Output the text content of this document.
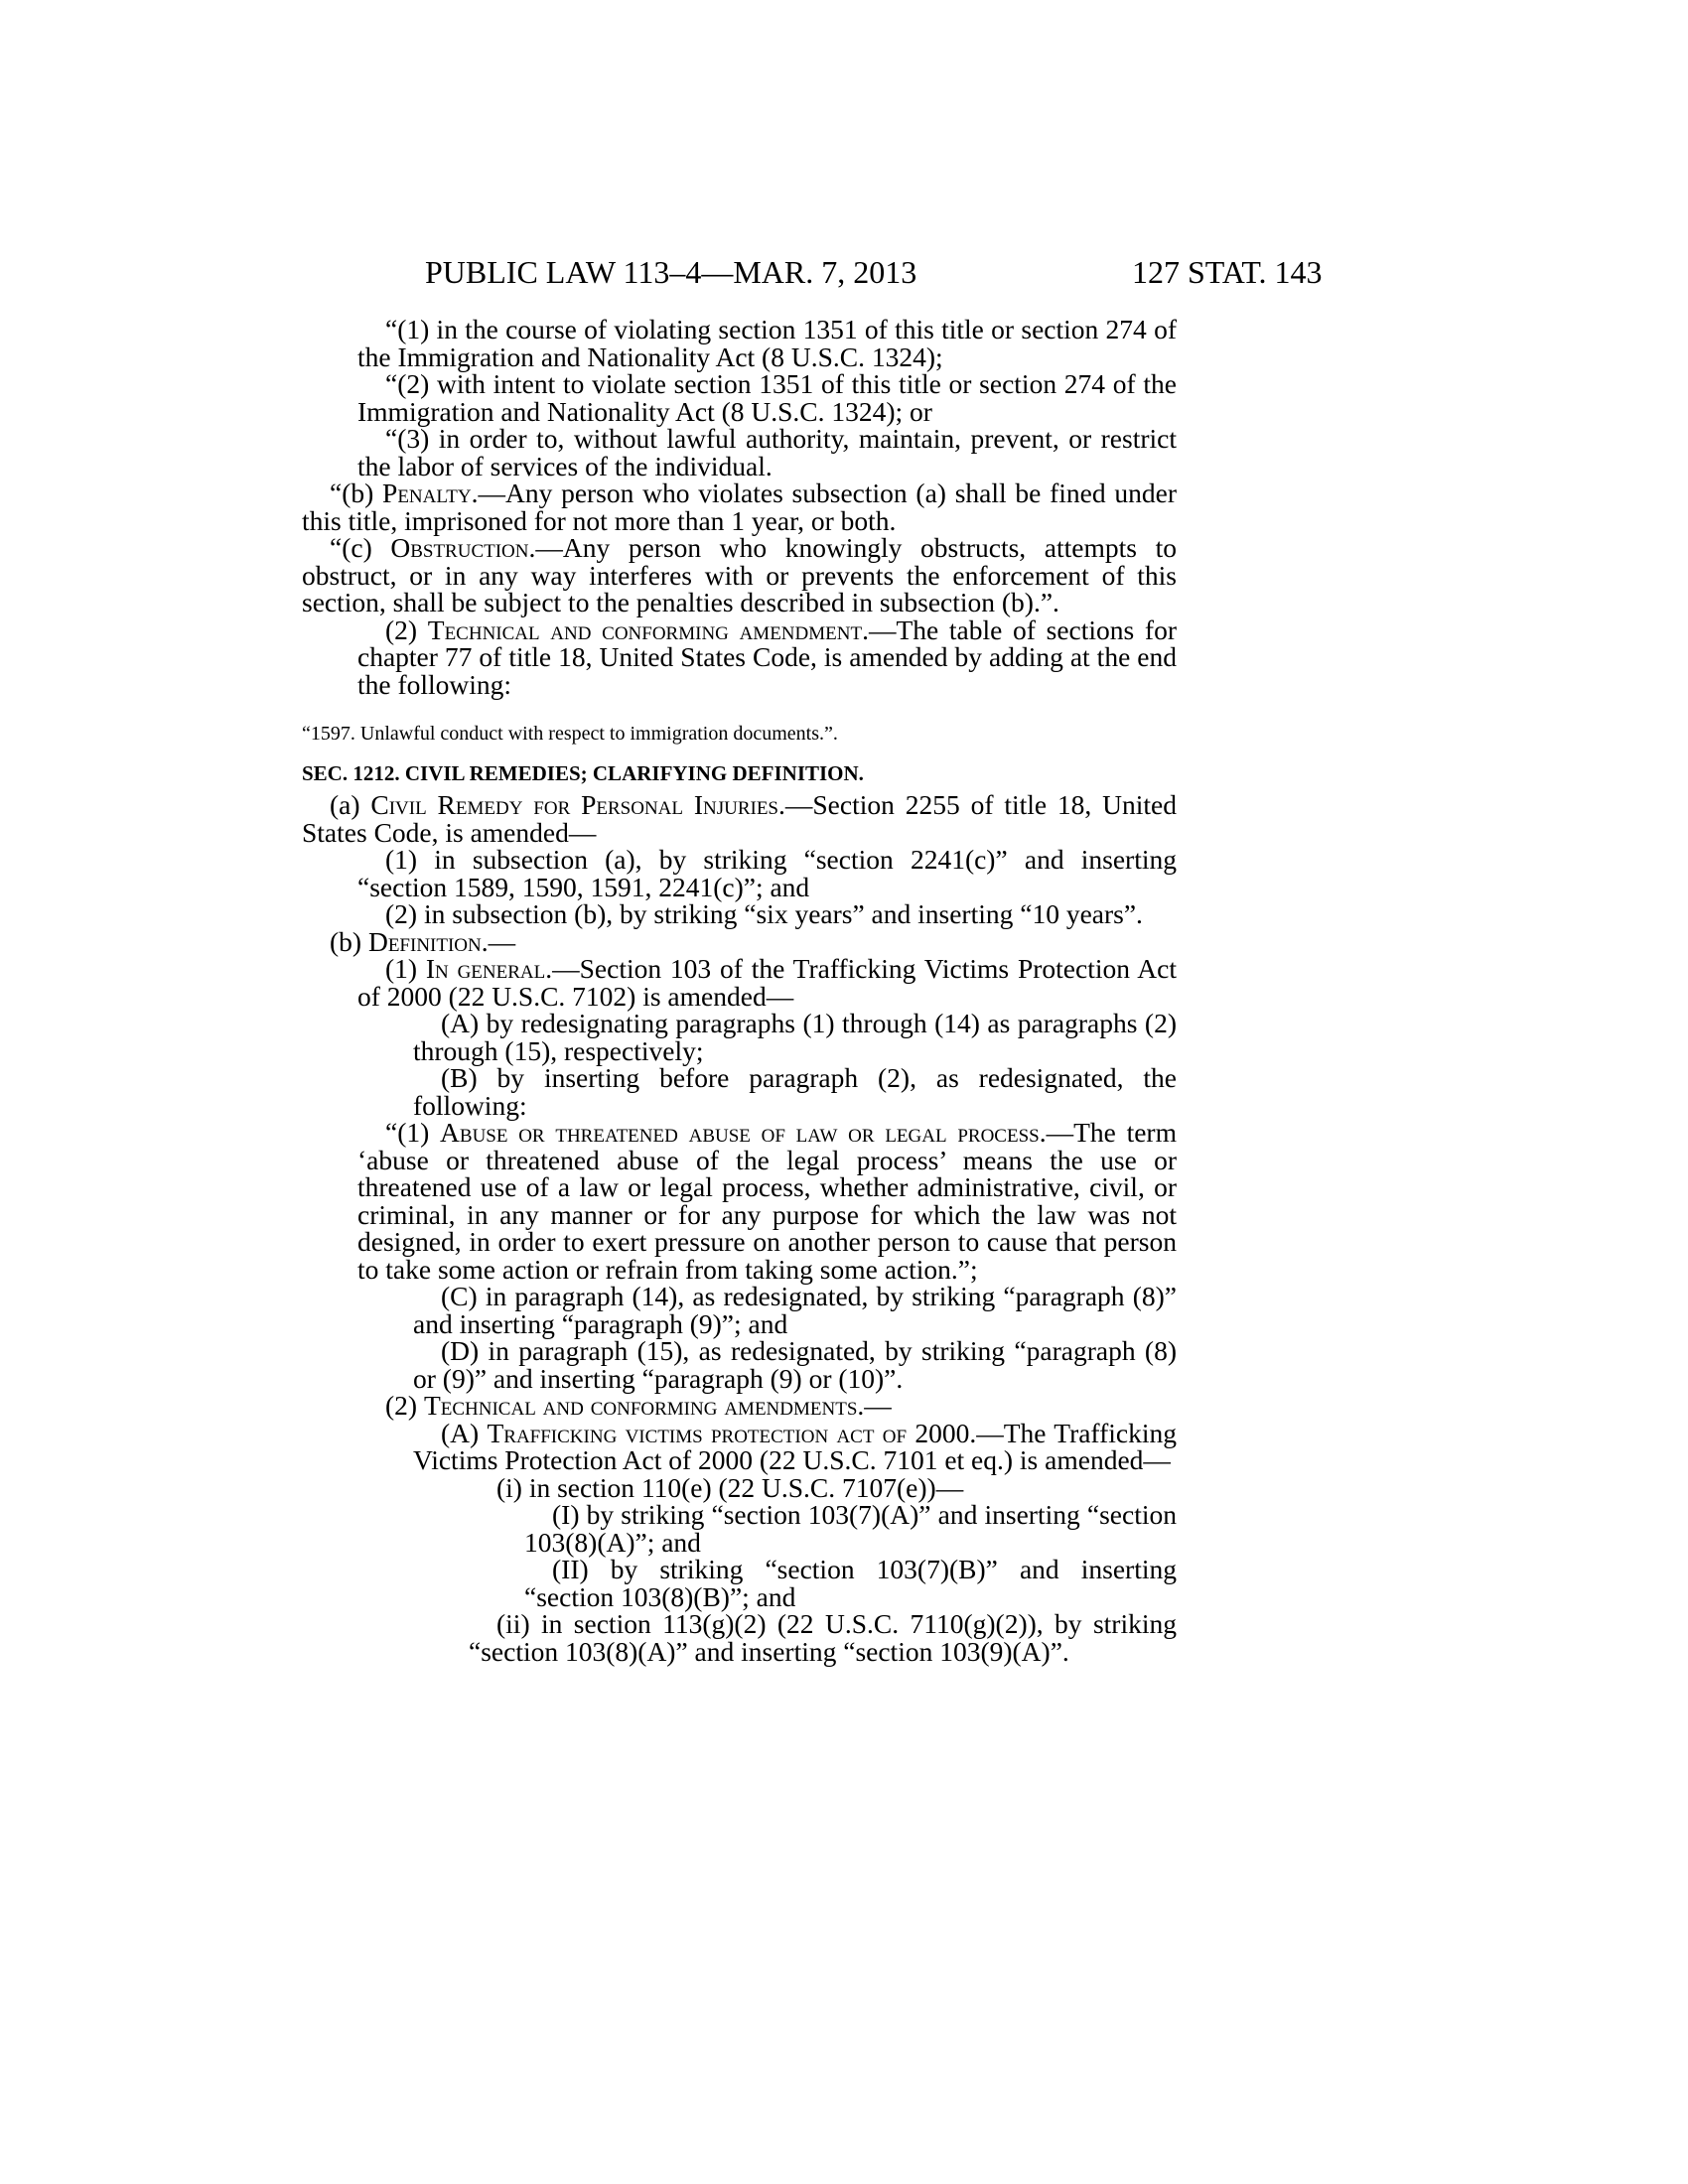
PUBLIC LAW 113–4—MAR. 7, 2013	127 STAT. 143

“(1) in the course of violating section 1351 of this title or section 274 of the Immigration and Nationality Act (8 U.S.C. 1324);

“(2) with intent to violate section 1351 of this title or section 274 of the Immigration and Nationality Act (8 U.S.C. 1324); or

“(3) in order to, without lawful authority, maintain, prevent, or restrict the labor of services of the individual.

“(b) Penalty.—Any person who violates subsection (a) shall be fined under this title, imprisoned for not more than 1 year, or both.

“(c) Obstruction.—Any person who knowingly obstructs, attempts to obstruct, or in any way interferes with or prevents the enforcement of this section, shall be subject to the penalties described in subsection (b).”.

(2) Technical and conforming amendment.—The table of sections for chapter 77 of title 18, United States Code, is amended by adding at the end the following:

“1597. Unlawful conduct with respect to immigration documents.”.

SEC. 1212. CIVIL REMEDIES; CLARIFYING DEFINITION.

(a) Civil Remedy for Personal Injuries.—Section 2255 of title 18, United States Code, is amended—

(1) in subsection (a), by striking “section 2241(c)” and inserting “section 1589, 1590, 1591, 2241(c)”; and

(2) in subsection (b), by striking “six years” and inserting “10 years”.

(b) Definition.—

(1) In general.—Section 103 of the Trafficking Victims Protection Act of 2000 (22 U.S.C. 7102) is amended—

(A) by redesignating paragraphs (1) through (14) as paragraphs (2) through (15), respectively;

(B) by inserting before paragraph (2), as redesignated, the following:

“(1) Abuse or threatened abuse of law or legal process.—The term ‘abuse or threatened abuse of the legal process’ means the use or threatened use of a law or legal process, whether administrative, civil, or criminal, in any manner or for any purpose for which the law was not designed, in order to exert pressure on another person to cause that person to take some action or refrain from taking some action.”;

(C) in paragraph (14), as redesignated, by striking “paragraph (8)” and inserting “paragraph (9)”; and

(D) in paragraph (15), as redesignated, by striking “paragraph (8) or (9)” and inserting “paragraph (9) or (10)”.

(2) Technical and conforming amendments.—

(A) Trafficking victims protection act of 2000.—The Trafficking Victims Protection Act of 2000 (22 U.S.C. 7101 et eq.) is amended—

(i) in section 110(e) (22 U.S.C. 7107(e))—

(I) by striking “section 103(7)(A)” and inserting “section 103(8)(A)”; and

(II) by striking “section 103(7)(B)” and inserting “section 103(8)(B)”; and

(ii) in section 113(g)(2) (22 U.S.C. 7110(g)(2)), by striking “section 103(8)(A)” and inserting “section 103(9)(A)”.
